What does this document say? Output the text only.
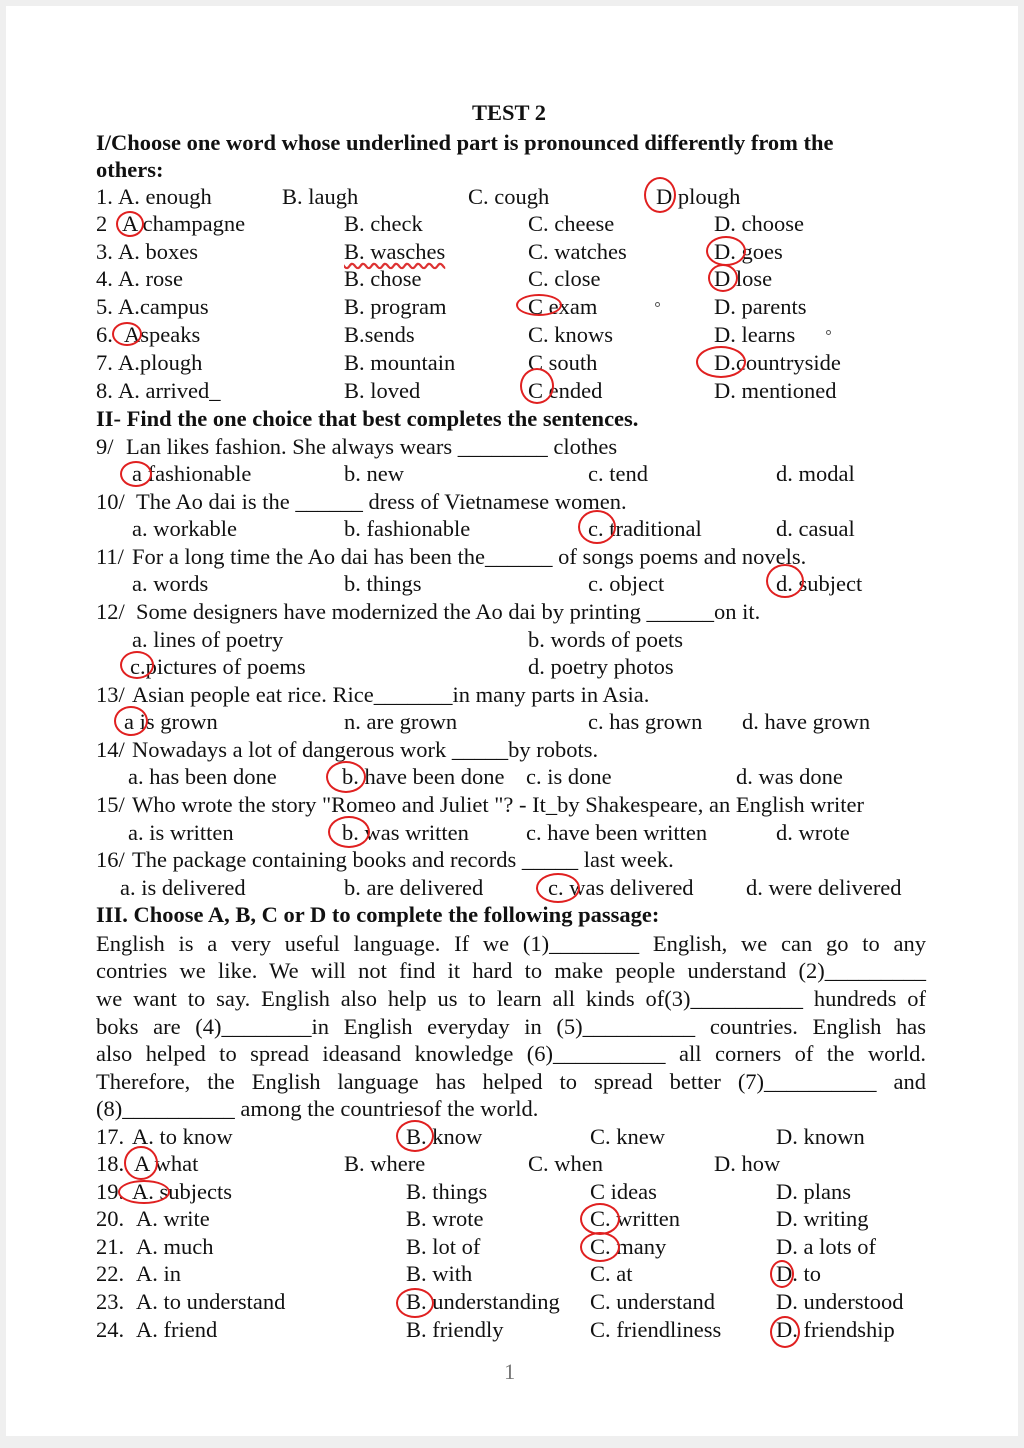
TEST 2
I/Choose one word whose underlined part is pronounced differently from the
others:
1. A. enough	B. laugh	C. cough	D plough
2 A champagne	B. check	C. cheese	D. choose
3. A. boxes	B. wasches	C. watches	D. goes
4. A. rose	B. chose	C. close	D lose
5. A.campus	B. program	C exam	D. parents
6. Aspeaks	B.sends	C. knows	D. learns
7. A.plough	B. mountain	C south	D.countryside
8. A. arrived_	B. loved	C ended	D. mentioned
II- Find the one choice that best completes the sentences.
9/ Lan likes fashion. She always wears ________ clothes
a fashionable	b. new	c. tend	d. modal
10/ The Ao dai is the ______ dress of Vietnamese women.
a. workable	b. fashionable	c. traditional	d. casual
11/ For a long time the Ao dai has been the______ of songs poems and novels.
a. words	b. things	c. object	d. subject
12/ Some designers have modernized the Ao dai by printing ______on it.
a. lines of poetry	b. words of poets
c.pictures of poems	d. poetry photos
13/ Asian people eat rice. Rice_______in many parts in Asia.
a is grown	n. are grown	c. has grown d. have grown
14/ Nowadays a lot of dangerous work _____by robots.
a. has been done	b. have been done c. is done	d. was done
15/ Who wrote the story "Romeo and Juliet "? - It_by Shakespeare, an English writer
a. is written	b. was written	c. have been written	d. wrote
16/ The package containing books and records _____ last week.
a. is delivered	b. are delivered	c. was delivered d. were delivered
III. Choose A, B, C or D to complete the following passage:
English is a very useful language. If we (1)________ English, we can go to any
contries we like. We will not find it hard to make people understand (2)_________
we want to say. English also help us to learn all kinds of(3)__________ hundreds of
boks are (4)________in English everyday in (5)__________ countries. English has
also helped to spread ideasand knowledge (6)__________ all corners of the world.
Therefore, the English language has helped to spread better (7)__________ and
(8)__________ among the countriesof the world.
17. A. to know	B. know	C. knew	D. known
18. A what	B. where	C. when	D. how
19. A. subjects	B. things	C ideas	D. plans
20. A. write	B. wrote	C. written	D. writing
21. A. much	B. lot of	C. many	D. a lots of
22. A. in	B. with	C. at	D. to
23. A. to understand	B. understanding C. understand	D. understood
24. A. friend	B. friendly	C. friendliness D. friendship
1
